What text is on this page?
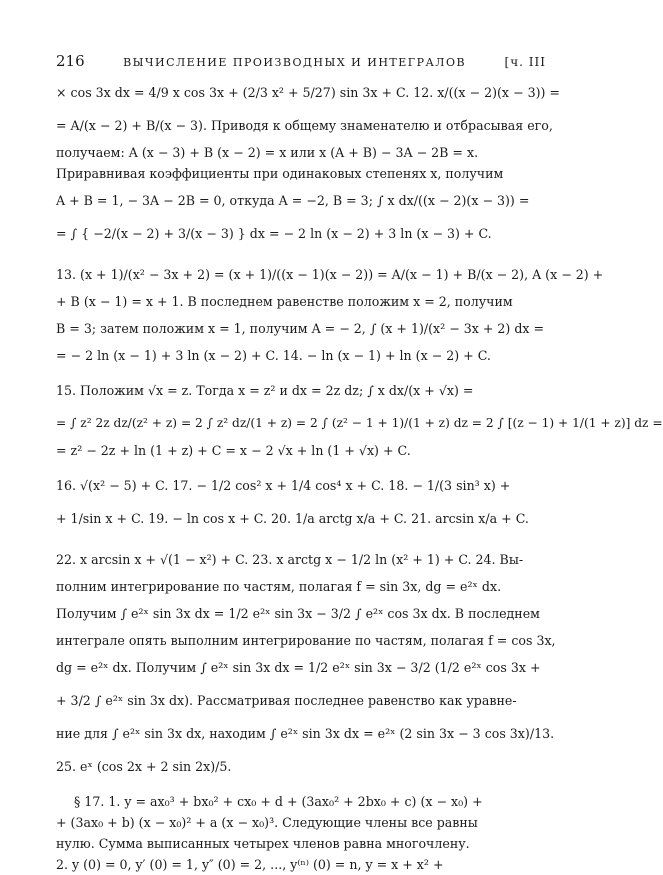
216	ВЫЧИСЛЕНИЕ ПРОИЗВОДНЫХ И ИНТЕГРАЛОВ	[ч. III

× cos 3x dx = 4/9 x cos 3x + (2/3 x² + 5/27) sin 3x + C. 12. x/((x − 2)(x − 3)) =

= A/(x − 2) + B/(x − 3). Приводя к общему знаменателю и отбрасывая его,

получаем: A (x − 3) + B (x − 2) = x или x (A + B) − 3A − 2B = x.

Приравнивая коэффициенты при одинаковых степенях x, получим

A + B = 1, − 3A − 2B = 0, откуда A = −2, B = 3; ∫ x dx/((x − 2)(x − 3)) =

= ∫ { −2/(x − 2) + 3/(x − 3) } dx = − 2 ln (x − 2) + 3 ln (x − 3) + C.

13. (x + 1)/(x² − 3x + 2) = (x + 1)/((x − 1)(x − 2)) = A/(x − 1) + B/(x − 2), A (x − 2) +

+ B (x − 1) = x + 1. В последнем равенстве положим x = 2, получим

B = 3; затем положим x = 1, получим A = − 2, ∫ (x + 1)/(x² − 3x + 2) dx =

= − 2 ln (x − 1) + 3 ln (x − 2) + C. 14. − ln (x − 1) + ln (x − 2) + C.

15. Положим √x = z. Тогда x = z² и dx = 2z dz; ∫ x dx/(x + √x) =

= ∫ z² 2z dz/(z² + z) = 2 ∫ z² dz/(1 + z) = 2 ∫ (z² − 1 + 1)/(1 + z) dz = 2 ∫ [(z − 1) + 1/(1 + z)] dz =

= z² − 2z + ln (1 + z) + C = x − 2 √x + ln (1 + √x) + C.

16. √(x² − 5) + C. 17. − 1/2 cos² x + 1/4 cos⁴ x + C. 18. − 1/(3 sin³ x) +

+ 1/sin x + C. 19. − ln cos x + C. 20. 1/a arctg x/a + C. 21. arcsin x/a + C.

22. x arcsin x + √(1 − x²) + C. 23. x arctg x − 1/2 ln (x² + 1) + C. 24. Вы-

полним интегрирование по частям, полагая f = sin 3x, dg = e²ˣ dx.

Получим ∫ e²ˣ sin 3x dx = 1/2 e²ˣ sin 3x − 3/2 ∫ e²ˣ cos 3x dx. В последнем

интеграле опять выполним интегрирование по частям, полагая f = cos 3x,

dg = e²ˣ dx. Получим ∫ e²ˣ sin 3x dx = 1/2 e²ˣ sin 3x − 3/2 (1/2 e²ˣ cos 3x +

+ 3/2 ∫ e²ˣ sin 3x dx). Рассматривая последнее равенство как уравне-

ние для ∫ e²ˣ sin 3x dx, находим ∫ e²ˣ sin 3x dx = e²ˣ (2 sin 3x − 3 cos 3x)/13.

25. eˣ (cos 2x + 2 sin 2x)/5.

§ 17. 1. y = ax₀³ + bx₀² + cx₀ + d + (3ax₀² + 2bx₀ + c) (x − x₀) +

+ (3ax₀ + b) (x − x₀)² + a (x − x₀)³. Следующие члены все равны

нулю. Сумма выписанных четырех членов равна многочлену.

2. y (0) = 0, y′ (0) = 1, y″ (0) = 2, ..., y⁽ⁿ⁾ (0) = n, y = x + x² +
